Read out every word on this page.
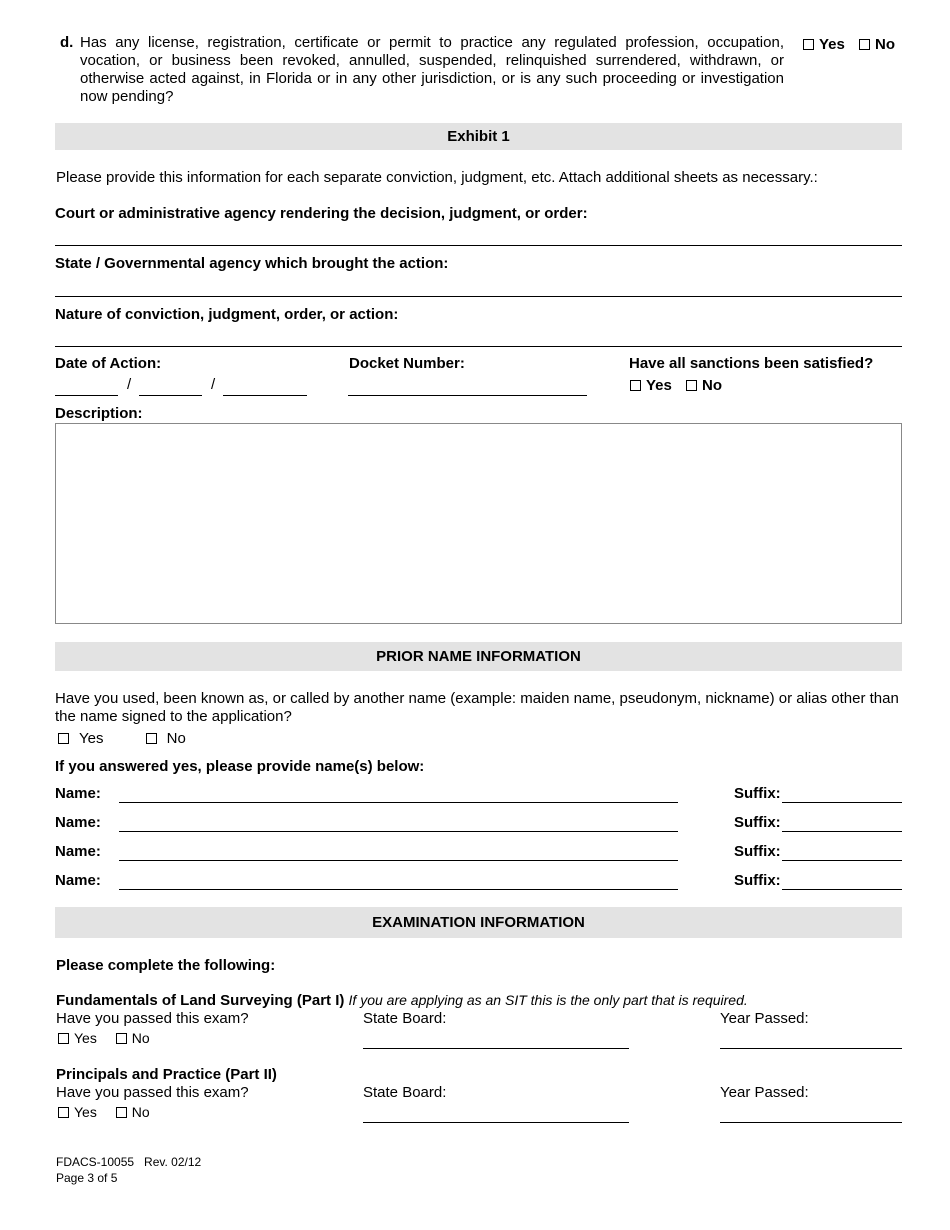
d. Has any license, registration, certificate or permit to practice any regulated profession, occupation, vocation, or business been revoked, annulled, suspended, relinquished surrendered, withdrawn, or otherwise acted against, in Florida or in any other jurisdiction, or is any such proceeding or investigation now pending?
Yes No
Exhibit 1
Please provide this information for each separate conviction, judgment, etc. Attach additional sheets as necessary.:
Court or administrative agency rendering the decision, judgment, or order:
State / Governmental agency which brought the action:
Nature of conviction, judgment, order, or action:
Date of Action:
/	/
Docket Number:	Have all sanctions been satisfied?
Yes No
Description:
PRIOR NAME INFORMATION
Have you used, been known as, or called by another name (example: maiden name, pseudonym, nickname) or alias other than the name signed to the application?
Yes	No
If you answered yes, please provide name(s) below:
Name:	Suffix:
Name:	Suffix:
Name:	Suffix:
Name:	Suffix:
EXAMINATION INFORMATION
Please complete the following:
Fundamentals of Land Surveying (Part I) If you are applying as an SIT this is the only part that is required.
Have you passed this exam?
Yes No
State Board:	Year Passed:
Principals and Practice (Part II)
Have you passed this exam?
Yes No
State Board:	Year Passed:
FDACS-10055   Rev. 02/12
Page 3 of 5
